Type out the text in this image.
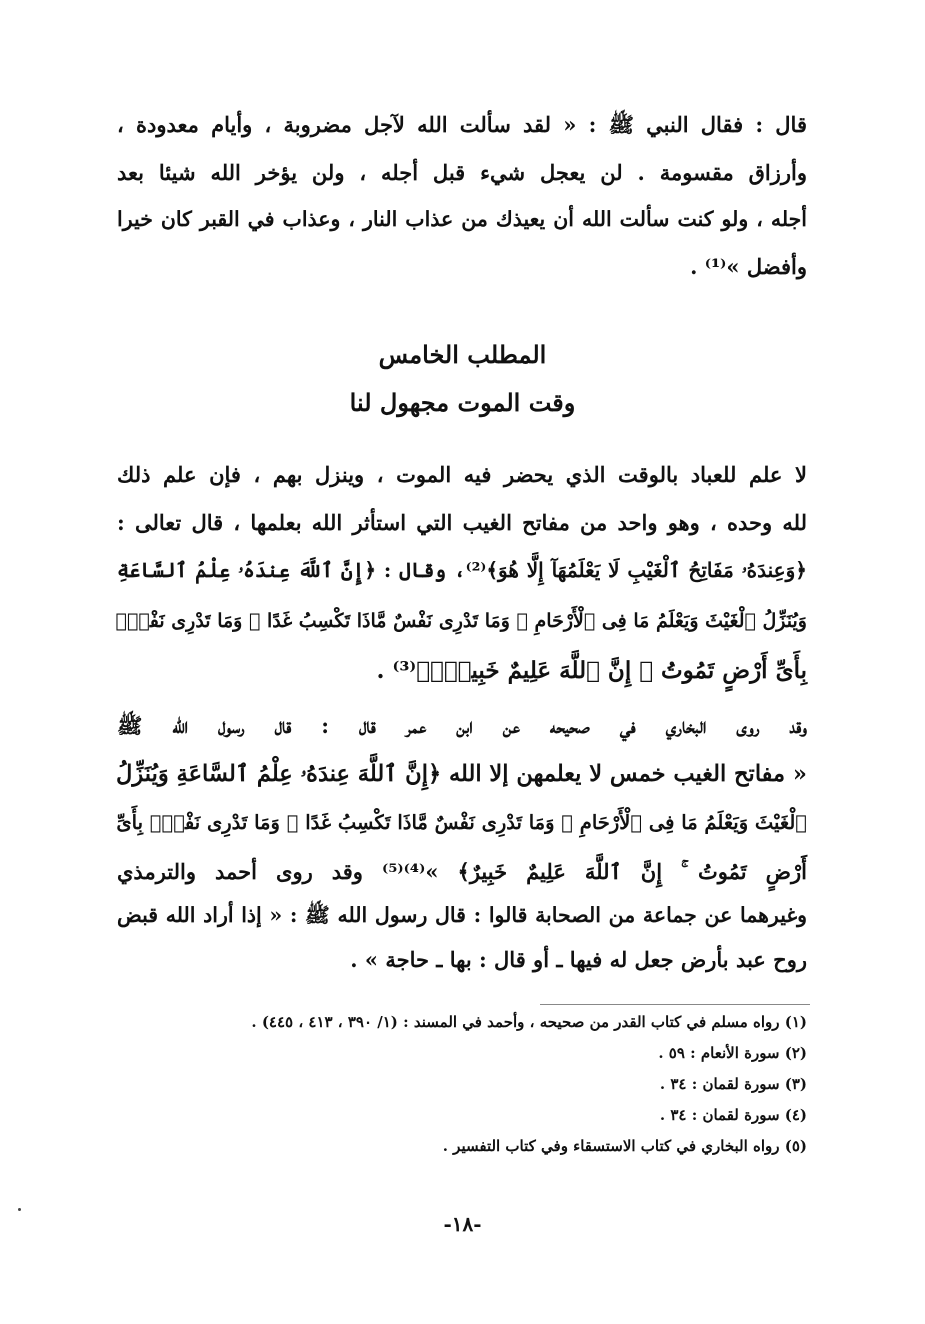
قال : فقال النبي ﷺ : « لقد سألت الله لآجل مضروبة ، وأيام معدودة ،
وأرزاق مقسومة . لن يعجل شيء قبل أجله ، ولن يؤخر الله شيئا بعد
أجله ، ولو كنت سألت الله أن يعيذك من عذاب النار ، وعذاب في القبر كان خيرا
وأفضل »⁽¹⁾ .
المطلب الخامس
وقت الموت مجهول لنا
لا علم للعباد بالوقت الذي يحضر فيه الموت ، وينزل بهم ، فإن علم ذلك
لله وحده ، وهو واحد من مفاتح الغيب التي استأثر الله بعلمها ، قال تعالى :
﴿وَعِندَهُۥ مَفَاتِحُ ٱلْغَيْبِ لَا يَعْلَمُهَآ إِلَّا هُوَ﴾⁽²⁾، وقال : ﴿إِنَّ ٱللَّهَ عِندَهُۥ عِلْمُ ٱلسَّاعَةِ
وَيُنَزِّلُ ٱلْغَيْثَ وَيَعْلَمُ مَا فِى ٱلْأَرْحَامِ ۖ وَمَا تَدْرِى نَفْسٌ مَّاذَا تَكْسِبُ غَدًا ۖ وَمَا تَدْرِى نَفْسٌۢ
بِأَىِّ أَرْضٍ تَمُوتُ ۚ إِنَّ ٱللَّهَ عَلِيمٌ خَبِيرٌۢ﴾⁽³⁾ .
وقد روى البخاري في صحيحه عن ابن عمر قال : قال رسول الله ﷺ
« مفاتح الغيب خمس لا يعلمهن إلا الله ﴿إِنَّ ٱللَّهَ عِندَهُۥ عِلْمُ ٱلسَّاعَةِ وَيُنَزِّلُ
ٱلْغَيْثَ وَيَعْلَمُ مَا فِى ٱلْأَرْحَامِ ۖ وَمَا تَدْرِى نَفْسٌ مَّاذَا تَكْسِبُ غَدًا ۖ وَمَا تَدْرِى نَفْسٌۢ بِأَىِّ
أَرْضٍ تَمُوتُ ۚ إِنَّ ٱللَّهَ عَلِيمٌ خَبِيرٌ﴾ »⁽⁴⁾⁽⁵⁾ وقد روى أحمد والترمذي
وغيرهما عن جماعة من الصحابة قالوا : قال رسول الله ﷺ : « إذا أراد الله قبض
روح عبد بأرض جعل له فيها ـ أو قال : بها ـ حاجة » .
(١) رواه مسلم في كتاب القدر من صحيحه ، وأحمد في المسند : (١/ ٣٩٠ ، ٤١٣ ، ٤٤٥) .
(٢) سورة الأنعام : ٥٩ .
(٣) سورة لقمان : ٣٤ .
(٤) سورة لقمان : ٣٤ .
(٥) رواه البخاري في كتاب الاستسقاء وفي كتاب التفسير .
-١٨-
